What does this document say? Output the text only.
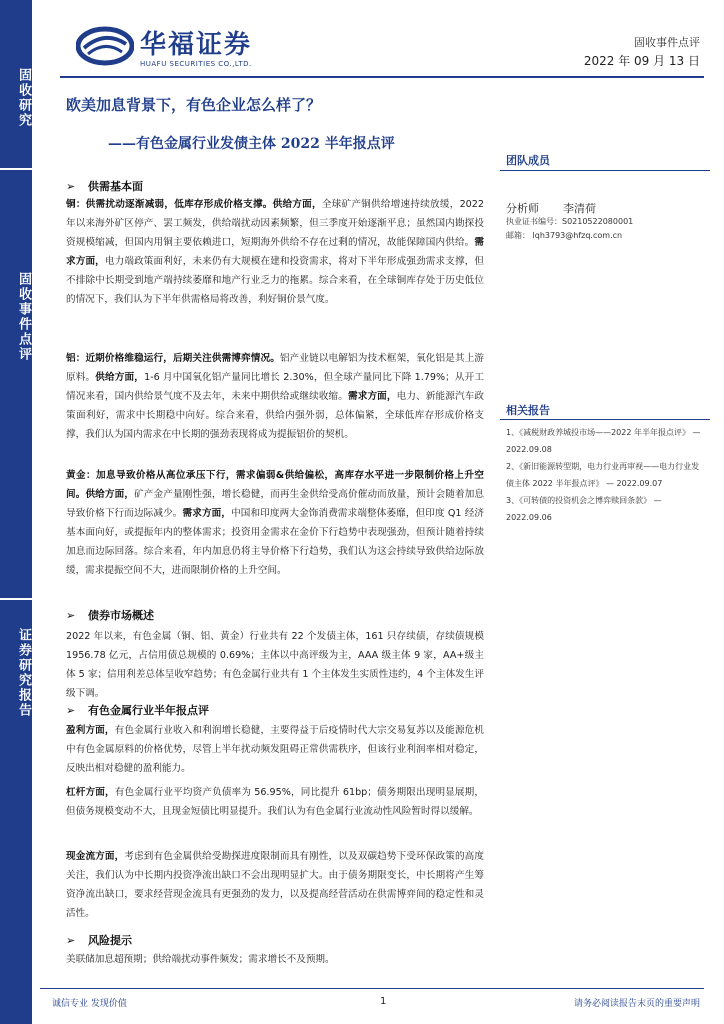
固收研究
固收事件点评
证券研究报告
华福证券
HUAFU SECURITIES CO.,LTD.
固收事件点评
2022 年 09 月 13 日
欧美加息背景下，有色企业怎么样了？
——有色金属行业发债主体 2022 半年报点评
团队成员
分析师 李清荷
执业证书编号：S0210522080001
邮箱： lqh3793@hfzq.com.cn
相关报告

1、《减税财政养城投市场——2022 年半年报点评》 — 2022.09.08

2、《新旧能源转型期，电力行业再审视——电力行业发债主体 2022 半年报点评》 — 2022.09.07

3、《可转债的投资机会之博弈赎回条款》 — 2022.09.06

➢ 供需基本面

铜：供需扰动逐渐减弱，低库存形成价格支撑。供给方面，全球矿产铜供给增速持续放缓，2022 年以来海外矿区停产、罢工频发，供给端扰动因素频繁，但三季度开始逐渐平息；虽然国内勘探投资规模缩减，但国内用铜主要依赖进口，短期海外供给不存在过剩的情况，故能保障国内供给。需求方面，电力端政策面利好，未来仍有大规模在建和投资需求，将对下半年形成强劲需求支撑，但不排除中长期受到地产端持续萎靡和地产行业乏力的拖累。综合来看，在全球铜库存处于历史低位的情况下，我们认为下半年供需格局将改善，利好铜价景气度。

铝：近期价格维稳运行，后期关注供需博弈情况。铝产业链以电解铝为技术框架，氧化铝是其上游原料。供给方面，1-6 月中国氧化铝产量同比增长 2.30%，但全球产量同比下降 1.79%；从开工情况来看，国内供给景气度不及去年，未来中期供给或继续收缩。需求方面，电力、新能源汽车政策面利好，需求中长期稳中向好。综合来看，供给内强外弱，总体偏紧，全球低库存形成价格支撑，我们认为国内需求在中长期的强劲表现将成为提振铝价的契机。

黄金：加息导致价格从高位承压下行，需求偏弱&供给偏松，高库存水平进一步限制价格上升空间。供给方面，矿产金产量刚性强，增长稳健，而再生金供给受高价催动而放量，预计会随着加息导致价格下行而边际减少。需求方面，中国和印度两大金饰消费需求端整体萎靡，但印度 Q1 经济基本面向好，或提振年内的整体需求；投资用金需求在金价下行趋势中表现强劲，但预计随着持续加息而边际回落。综合来看，年内加息仍将主导价格下行趋势，我们认为这会持续导致供给边际放缓，需求提振空间不大，进而限制价格的上升空间。

➢ 债券市场概述

2022 年以来，有色金属（铜、铝、黄金）行业共有 22 个发债主体，161 只存续债，存续债规模 1956.78 亿元，占信用债总规模的 0.69%；主体以中高评级为主，AAA 级主体 9 家，AA+级主体 5 家；信用利差总体呈收窄趋势；有色金属行业共有 1 个主体发生实质性违约，4 个主体发生评级下调。

➢ 有色金属行业半年报点评

盈利方面，有色金属行业收入和利润增长稳健，主要得益于后疫情时代大宗交易复苏以及能源危机中有色金属原料的价格优势，尽管上半年扰动频发阻碍正常供需秩序，但该行业利润率相对稳定，反映出相对稳健的盈利能力。

杠杆方面，有色金属行业平均资产负债率为 56.95%，同比提升 61bp；债务期限出现明显展期，但债务规模变动不大，且现金短债比明显提升。我们认为有色金属行业流动性风险暂时得以缓解。

现金流方面，考虑到有色金属供给受勘探进度限制而具有刚性，以及双碳趋势下受环保政策的高度关注，我们认为中长期内投资净流出缺口不会出现明显扩大。由于债务期限变长，中长期将产生筹资净流出缺口，要求经营现金流具有更强劲的发力，以及提高经营活动在供需博弈间的稳定性和灵活性。

➢ 风险提示

美联储加息超预期；供给端扰动事件频发；需求增长不及预期。

诚信专业 发现价值	1	请务必阅读报告末页的重要声明
